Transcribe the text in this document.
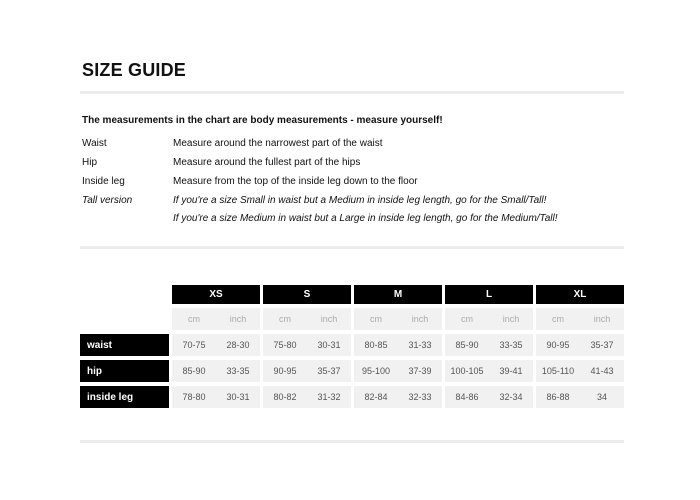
SIZE GUIDE
The measurements in the chart are body measurements - measure yourself!
Waist	Measure around the narrowest part of the waist
Hip	Measure around the fullest part of the hips
Inside leg	Measure from the top of the inside leg down to the floor
Tall version	If you're a size Small in waist but a Medium in inside leg length, go for the Small/Tall!
If you're a size Medium in waist but a Large in inside leg length, go for the Medium/Tall!
	XS		S		M		L		XL	
	cm	inch	cm	inch	cm	inch	cm	inch	cm	inch
waist	70-75	28-30	75-80	30-31	80-85	31-33	85-90	33-35	90-95	35-37
hip	85-90	33-35	90-95	35-37	95-100	37-39	100-105	39-41	105-110	41-43
inside leg	78-80	30-31	80-82	31-32	82-84	32-33	84-86	32-34	86-88	34
